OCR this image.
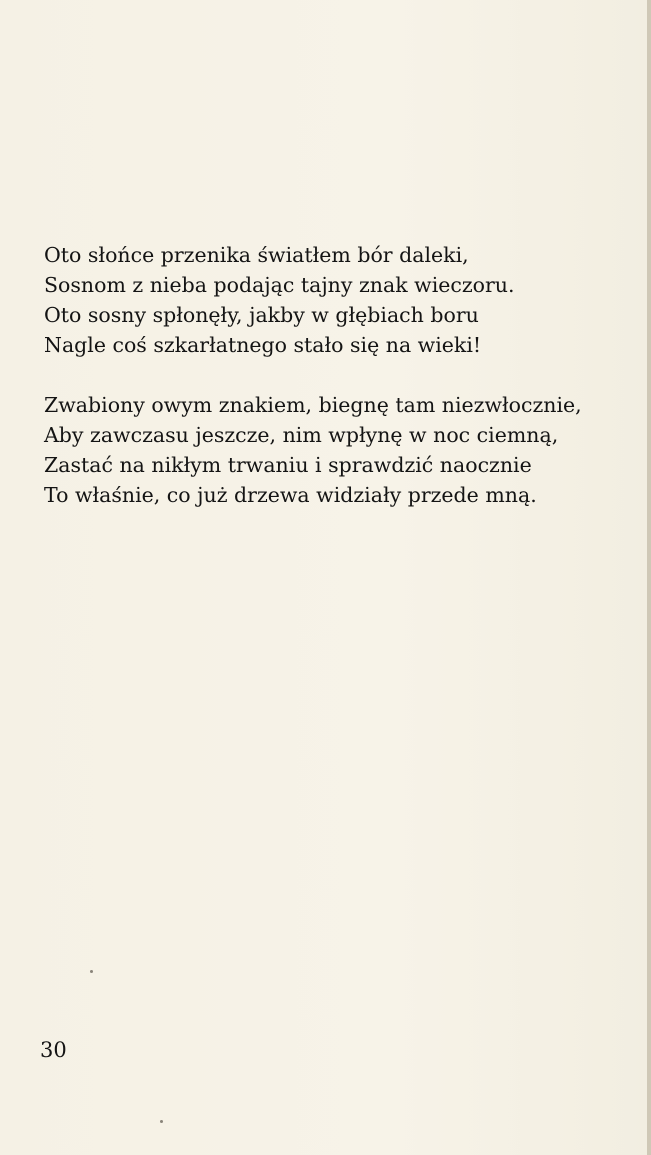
Oto słońce przenika światłem bór daleki,
Sosnom z nieba podając tajny znak wieczoru.
Oto sosny spłonęły, jakby w głębiach boru
Nagle coś szkarłatnego stało się na wieki!
Zwabiony owym znakiem, biegnę tam niezwłocznie,
Aby zawczasu jeszcze, nim wpłynę w noc ciemną,
Zastać na nikłym trwaniu i sprawdzić naocznie
To właśnie, co już drzewa widziały przede mną.
30
